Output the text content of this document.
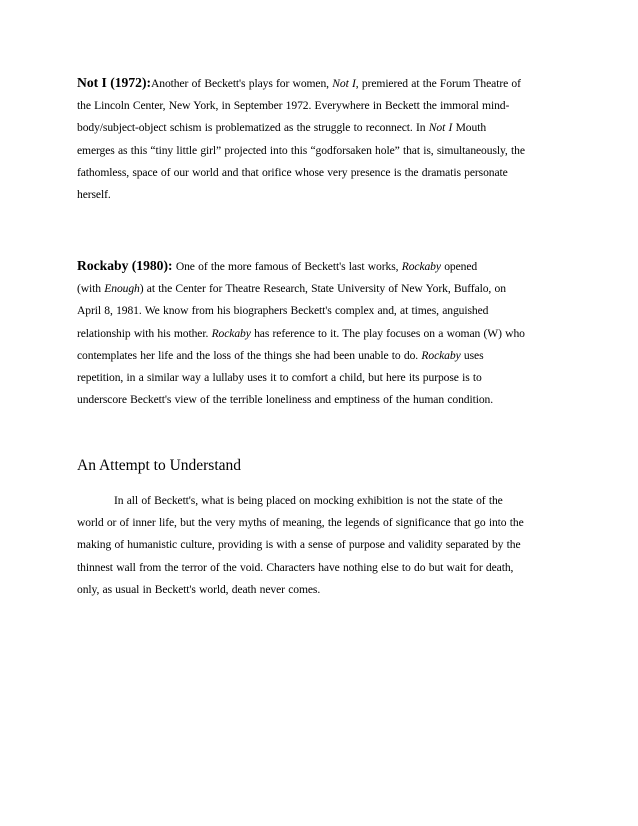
Not I (1972):Another of Beckett's plays for women, Not I, premiered at the Forum Theatre of
the Lincoln Center, New York, in September 1972. Everywhere in Beckett the immoral mind-
body/subject-object schism is problematized as the struggle to reconnect. In Not I Mouth
emerges as this “tiny little girl” projected into this “godforsaken hole” that is, simultaneously, the
fathomless, space of our world and that orifice whose very presence is the dramatis personate
herself.
Rockaby (1980): One of the more famous of Beckett's last works, Rockaby opened
(with Enough) at the Center for Theatre Research, State University of New York, Buffalo, on
April 8, 1981. We know from his biographers Beckett's complex and, at times, anguished
relationship with his mother. Rockaby has reference to it. The play focuses on a woman (W) who
contemplates her life and the loss of the things she had been unable to do. Rockaby uses
repetition, in a similar way a lullaby uses it to comfort a child, but here its purpose is to
underscore Beckett's view of the terrible loneliness and emptiness of the human condition.
An Attempt to Understand
In all of Beckett's, what is being placed on mocking exhibition is not the state of the
world or of inner life, but the very myths of meaning, the legends of significance that go into the
making of humanistic culture, providing is with a sense of purpose and validity separated by the
thinnest wall from the terror of the void. Characters have nothing else to do but wait for death,
only, as usual in Beckett's world, death never comes.
